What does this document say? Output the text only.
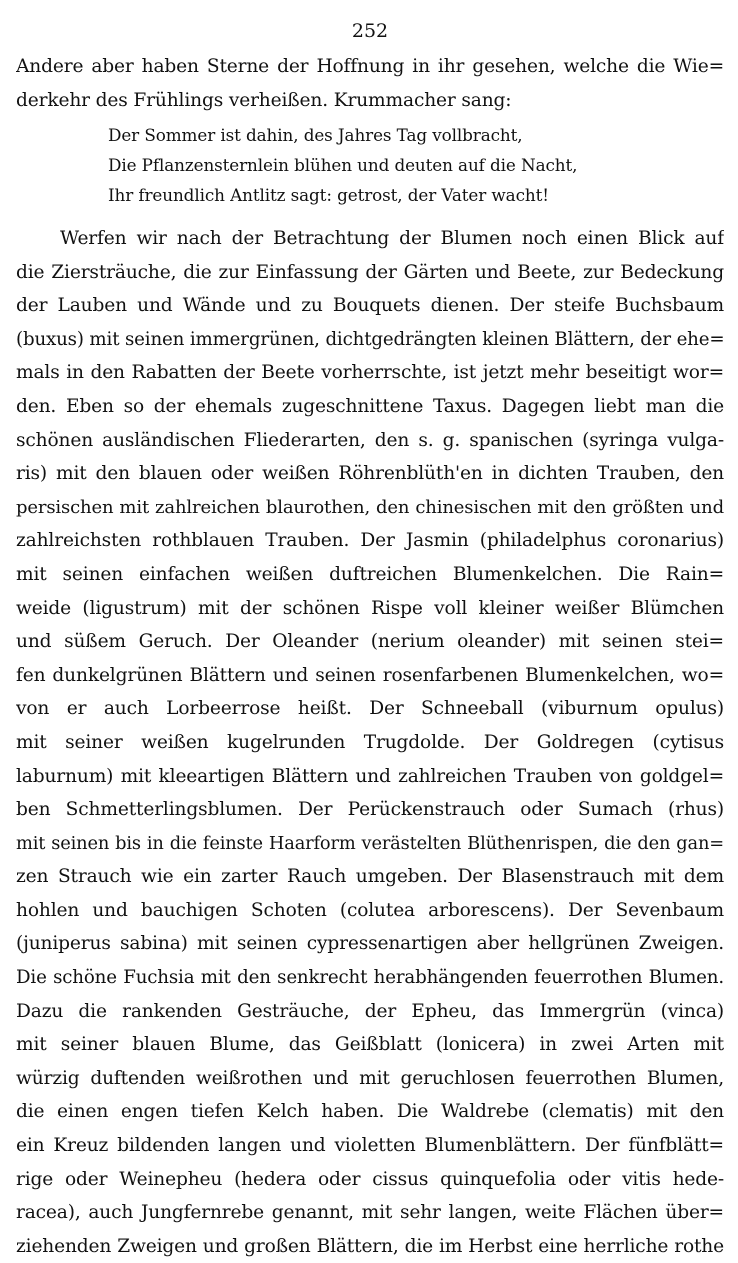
252
Andere aber haben Sterne der Hoffnung in ihr gesehen, welche die Wie=
derkehr des Frühlings verheißen. Krummacher sang:
Der Sommer ist dahin, des Jahres Tag vollbracht,
Die Pflanzensternlein blühen und deuten auf die Nacht,
Ihr freundlich Antlitz sagt: getrost, der Vater wacht!
Werfen wir nach der Betrachtung der Blumen noch einen Blick auf
die Ziersträuche, die zur Einfassung der Gärten und Beete, zur Bedeckung
der Lauben und Wände und zu Bouquets dienen. Der steife Buchsbaum
(buxus) mit seinen immergrünen, dichtgedrängten kleinen Blättern, der ehe=
mals in den Rabatten der Beete vorherrschte, ist jetzt mehr beseitigt wor=
den. Eben so der ehemals zugeschnittene Taxus. Dagegen liebt man die
schönen ausländischen Fliederarten, den s. g. spanischen (syringa vulga-
ris) mit den blauen oder weißen Röhrenblüth'en in dichten Trauben, den
persischen mit zahlreichen blaurothen, den chinesischen mit den größten und
zahlreichsten rothblauen Trauben. Der Jasmin (philadelphus coronarius)
mit seinen einfachen weißen duftreichen Blumenkelchen. Die Rain=
weide (ligustrum) mit der schönen Rispe voll kleiner weißer Blümchen
und süßem Geruch. Der Oleander (nerium oleander) mit seinen stei=
fen dunkelgrünen Blättern und seinen rosenfarbenen Blumenkelchen, wo=
von er auch Lorbeerrose heißt. Der Schneeball (viburnum opulus)
mit seiner weißen kugelrunden Trugdolde. Der Goldregen (cytisus
laburnum) mit kleeartigen Blättern und zahlreichen Trauben von goldgel=
ben Schmetterlingsblumen. Der Perückenstrauch oder Sumach (rhus)
mit seinen bis in die feinste Haarform verästelten Blüthenrispen, die den gan=
zen Strauch wie ein zarter Rauch umgeben. Der Blasenstrauch mit dem
hohlen und bauchigen Schoten (colutea arborescens). Der Sevenbaum
(juniperus sabina) mit seinen cypressenartigen aber hellgrünen Zweigen.
Die schöne Fuchsia mit den senkrecht herabhängenden feuerrothen Blumen.
Dazu die rankenden Gesträuche, der Epheu, das Immergrün (vinca)
mit seiner blauen Blume, das Geißblatt (lonicera) in zwei Arten mit
würzig duftenden weißrothen und mit geruchlosen feuerrothen Blumen,
die einen engen tiefen Kelch haben. Die Waldrebe (clematis) mit den
ein Kreuz bildenden langen und violetten Blumenblättern. Der fünfblätt=
rige oder Weinepheu (hedera oder cissus quinquefolia oder vitis hede-
racea), auch Jungfernrebe genannt, mit sehr langen, weite Flächen über=
ziehenden Zweigen und großen Blättern, die im Herbst eine herrliche rothe
